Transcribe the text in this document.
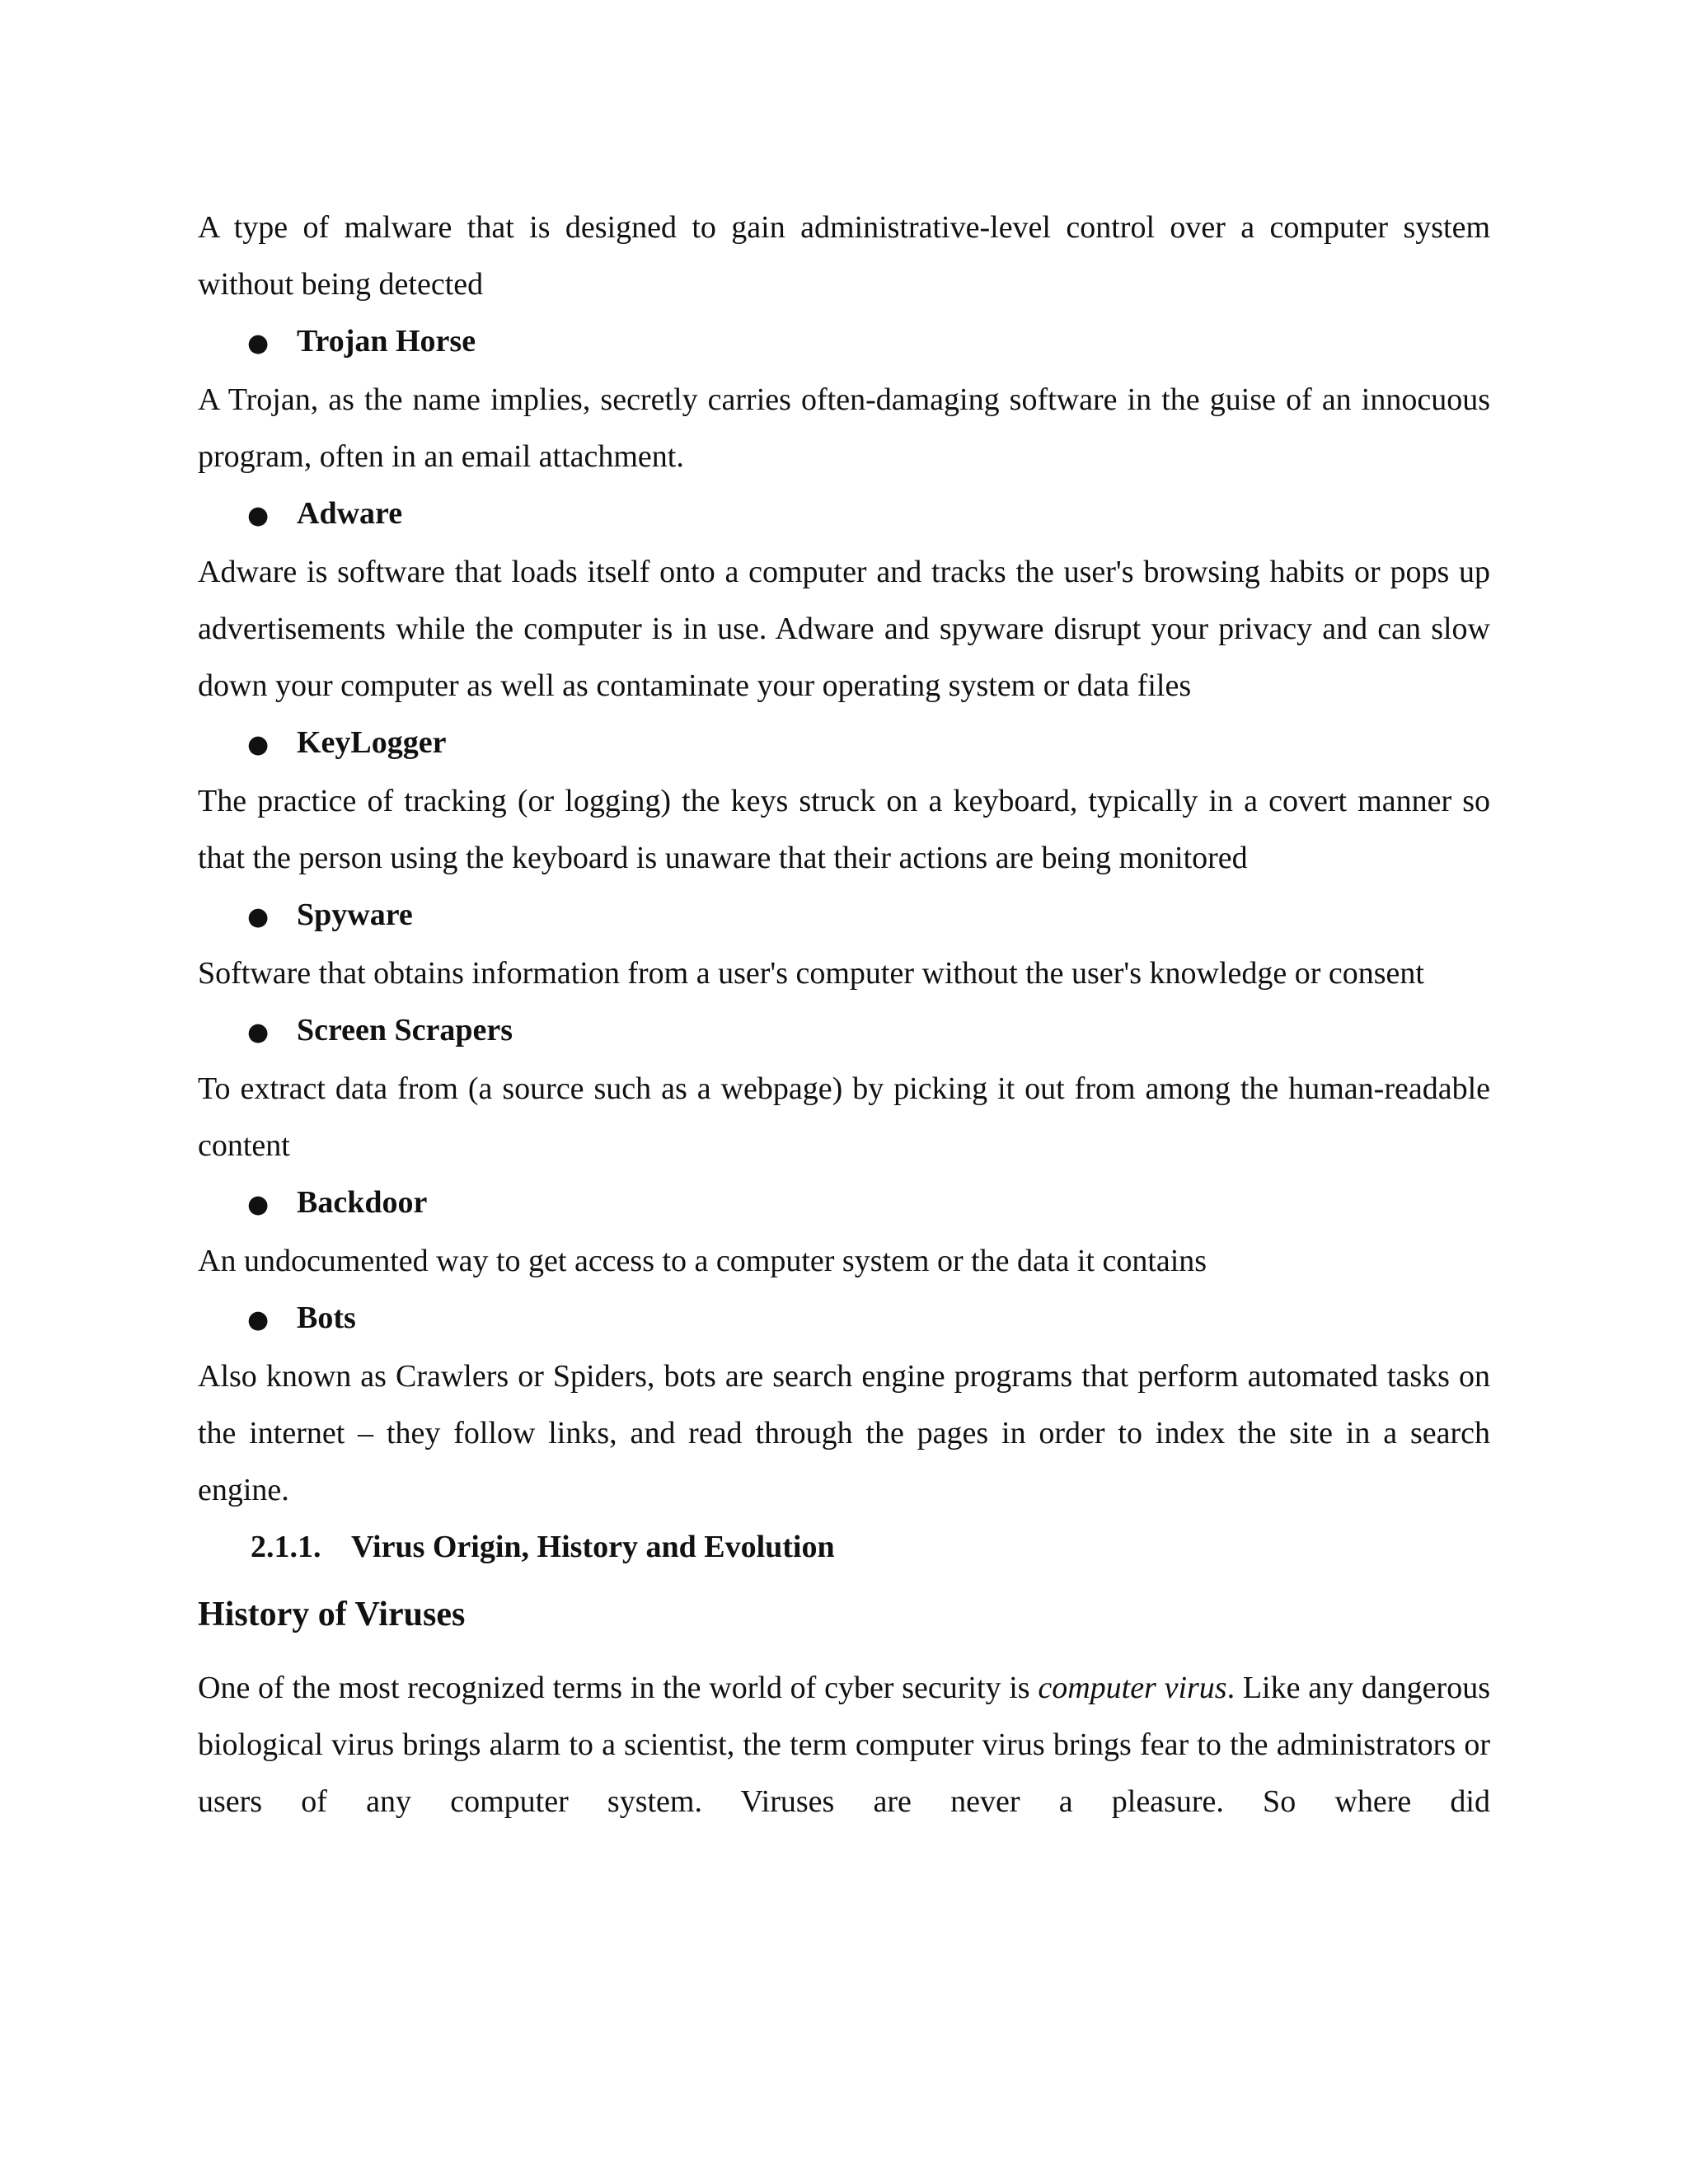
A type of malware that is designed to gain administrative-level control over a computer system without being detected

● Trojan Horse

A Trojan, as the name implies, secretly carries often-damaging software in the guise of an innocuous program, often in an email attachment.

● Adware

Adware is software that loads itself onto a computer and tracks the user's browsing habits or pops up advertisements while the computer is in use. Adware and spyware disrupt your privacy and can slow down your computer as well as contaminate your operating system or data files

● KeyLogger

The practice of tracking (or logging) the keys struck on a keyboard, typically in a covert manner so that the person using the keyboard is unaware that their actions are being monitored

● Spyware

Software that obtains information from a user's computer without the user's knowledge or consent

● Screen Scrapers

To extract data from (a source such as a webpage) by picking it out from among the human-readable content

● Backdoor

An undocumented way to get access to a computer system or the data it contains

● Bots

Also known as Crawlers or Spiders, bots are search engine programs that perform automated tasks on the internet – they follow links, and read through the pages in order to index the site in a search engine.

2.1.1. Virus Origin, History and Evolution

History of Viruses

One of the most recognized terms in the world of cyber security is computer virus. Like any dangerous biological virus brings alarm to a scientist, the term computer virus brings fear to the administrators or users of any computer system. Viruses are never a pleasure. So where did
